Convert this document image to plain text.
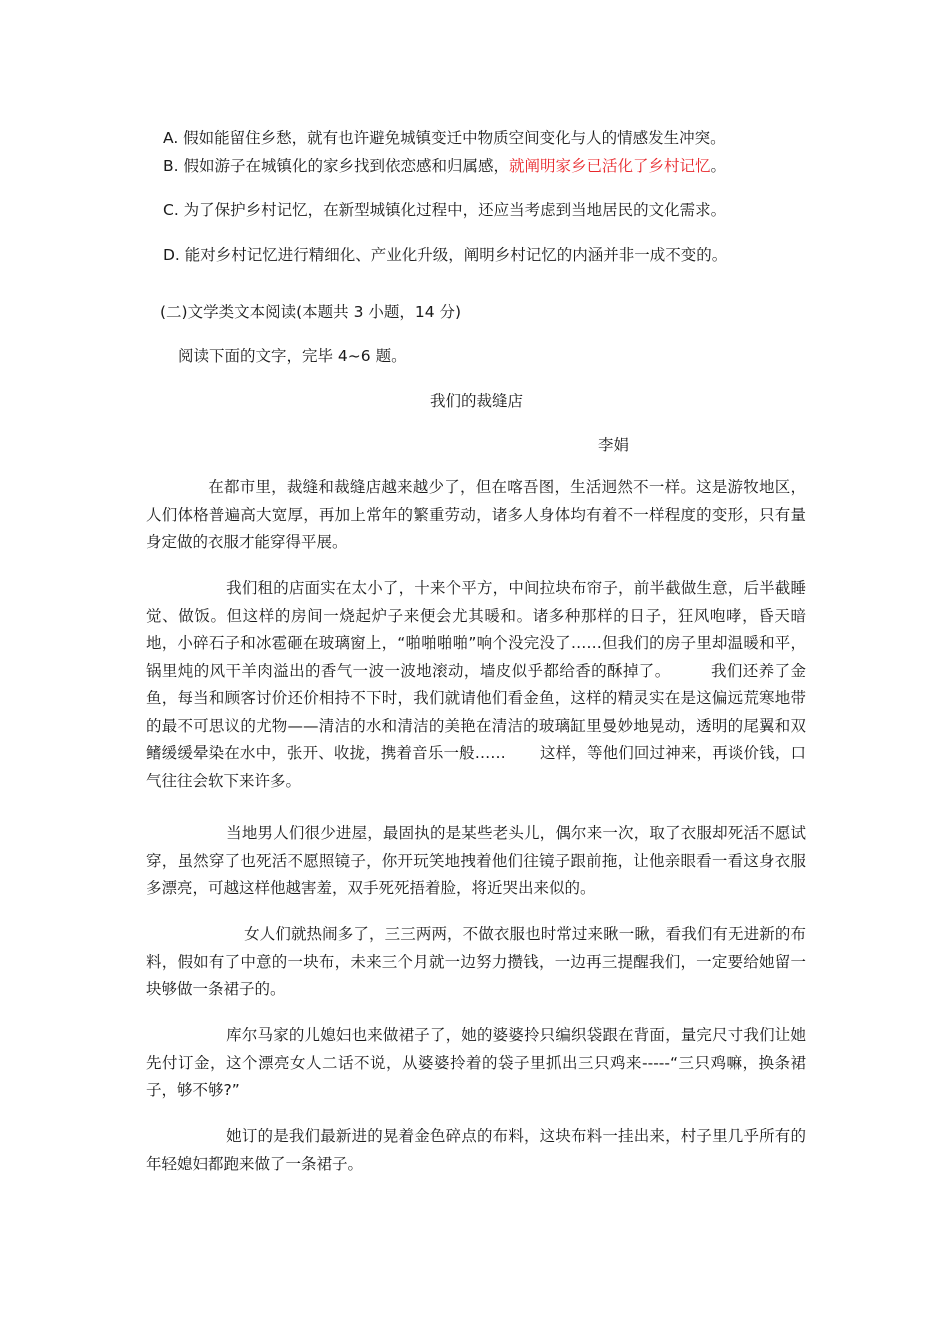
A. 假如能留住乡愁，就有也许避免城镇变迁中物质空间变化与人的情感发生冲突。
B. 假如游子在城镇化的家乡找到依恋感和归属感，就阐明家乡已活化了乡村记忆。
C. 为了保护乡村记忆，在新型城镇化过程中，还应当考虑到当地居民的文化需求。
D. 能对乡村记忆进行精细化、产业化升级，阐明乡村记忆的内涵并非一成不变的。
(二)文学类文本阅读(本题共 3 小题，14 分)
阅读下面的文字，完毕 4~6 题。
我们的裁缝店
李娟

在都市里，裁缝和裁缝店越来越少了，但在喀吾图，生活迥然不一样。这是游牧地区，人们体格普遍高大宽厚，再加上常年的繁重劳动，诸多人身体均有着不一样程度的变形，只有量身定做的衣服才能穿得平展。

我们租的店面实在太小了，十来个平方，中间拉块布帘子，前半截做生意，后半截睡觉、做饭。但这样的房间一烧起炉子来便会尤其暖和。诸多种那样的日子，狂风咆哮，昏天暗地，小碎石子和冰雹砸在玻璃窗上，“啪啪啪啪”响个没完没了……但我们的房子里却温暖和平，锅里炖的风干羊肉溢出的香气一波一波地滚动，墙皮似乎都给香的酥掉了。	我们还养了金鱼，每当和顾客讨价还价相持不下时，我们就请他们看金鱼，这样的精灵实在是这偏远荒寒地带的最不可思议的尤物——清洁的水和清洁的美艳在清洁的玻璃缸里曼妙地晃动，透明的尾翼和双鳍缓缓晕染在水中，张开、收拢，携着音乐一般…… 这样，等他们回过神来，再谈价钱，口气往往会软下来许多。

当地男人们很少进屋，最固执的是某些老头儿，偶尔来一次，取了衣服却死活不愿试穿，虽然穿了也死活不愿照镜子，你开玩笑地拽着他们往镜子跟前拖，让他亲眼看一看这身衣服多漂亮，可越这样他越害羞，双手死死捂着脸，将近哭出来似的。

女人们就热闹多了，三三两两，不做衣服也时常过来瞅一瞅，看我们有无进新的布料，假如有了中意的一块布，未来三个月就一边努力攒钱，一边再三提醒我们，一定要给她留一块够做一条裙子的。

库尔马家的儿媳妇也来做裙子了，她的婆婆拎只编织袋跟在背面，量完尺寸我们让她先付订金，这个漂亮女人二话不说，从婆婆拎着的袋子里抓出三只鸡来-----“三只鸡嘛，换条裙子，够不够?”

她订的是我们最新进的晃着金色碎点的布料，这块布料一挂出来，村子里几乎所有的年轻媳妇都跑来做了一条裙子。
